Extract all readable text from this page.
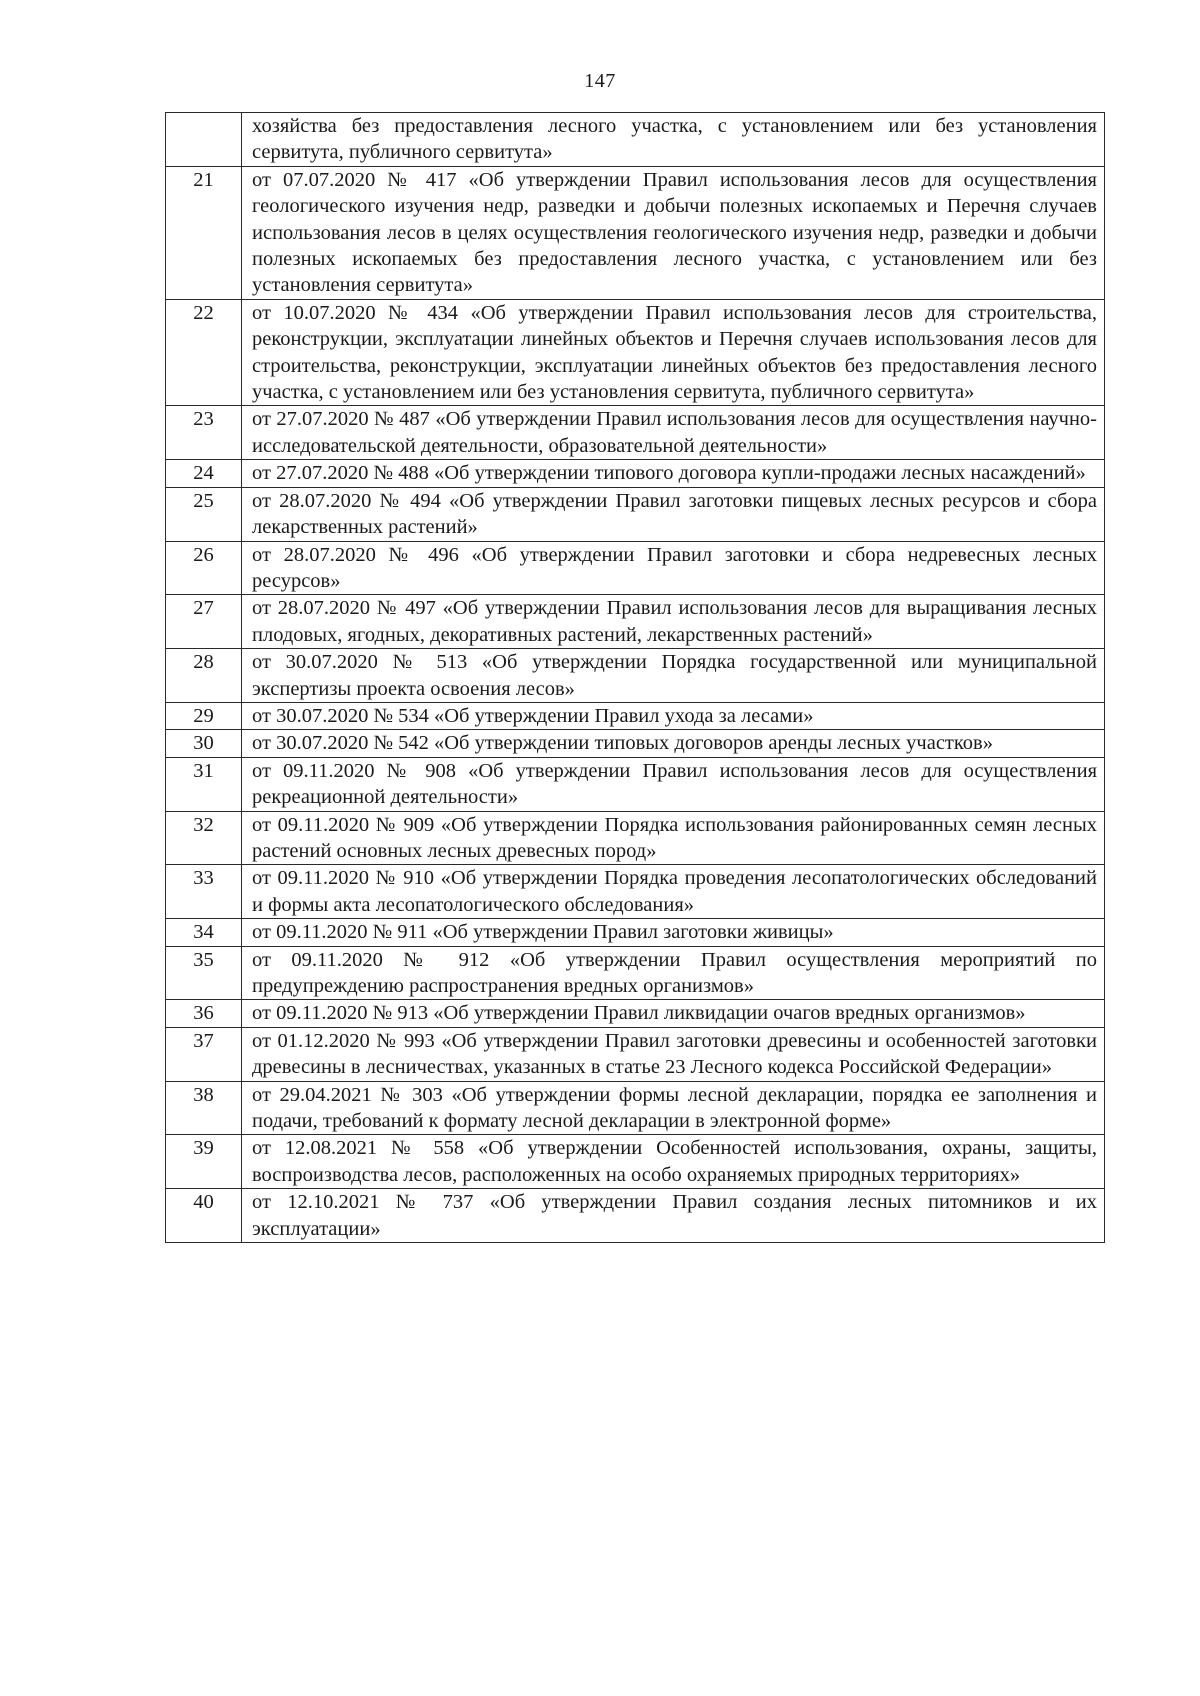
147
	хозяйства без предоставления лесного участка, с установлением или без установления сервитута, публичного сервитута»
21	от 07.07.2020 № 417 «Об утверждении Правил использования лесов для осуществления геологического изучения недр, разведки и добычи полезных ископаемых и Перечня случаев использования лесов в целях осуществления геологического изучения недр, разведки и добычи полезных ископаемых без предоставления лесного участка, с установлением или без установления сервитута»
22	от 10.07.2020 № 434 «Об утверждении Правил использования лесов для строительства, реконструкции, эксплуатации линейных объектов и Перечня случаев использования лесов для строительства, реконструкции, эксплуатации линейных объектов без предоставления лесного участка, с установлением или без установления сервитута, публичного сервитута»
23	от 27.07.2020 № 487 «Об утверждении Правил использования лесов для осуществления научно-исследовательской деятельности, образовательной деятельности»
24	от 27.07.2020 № 488 «Об утверждении типового договора купли-продажи лесных насаждений»
25	от 28.07.2020 № 494 «Об утверждении Правил заготовки пищевых лесных ресурсов и сбора лекарственных растений»
26	от 28.07.2020 № 496 «Об утверждении Правил заготовки и сбора недревесных лесных ресурсов»
27	от 28.07.2020 № 497 «Об утверждении Правил использования лесов для выращивания лесных плодовых, ягодных, декоративных растений, лекарственных растений»
28	от 30.07.2020 № 513 «Об утверждении Порядка государственной или муниципальной экспертизы проекта освоения лесов»
29	от 30.07.2020 № 534 «Об утверждении Правил ухода за лесами»
30	от 30.07.2020 № 542 «Об утверждении типовых договоров аренды лесных участков»
31	от 09.11.2020 № 908 «Об утверждении Правил использования лесов для осуществления рекреационной деятельности»
32	от 09.11.2020 № 909 «Об утверждении Порядка использования районированных семян лесных растений основных лесных древесных пород»
33	от 09.11.2020 № 910 «Об утверждении Порядка проведения лесопатологических обследований и формы акта лесопатологического обследования»
34	от 09.11.2020 № 911 «Об утверждении Правил заготовки живицы»
35	от 09.11.2020 № 912 «Об утверждении Правил осуществления мероприятий по предупреждению распространения вредных организмов»
36	от 09.11.2020 № 913 «Об утверждении Правил ликвидации очагов вредных организмов»
37	от 01.12.2020 № 993 «Об утверждении Правил заготовки древесины и особенностей заготовки древесины в лесничествах, указанных в статье 23 Лесного кодекса Российской Федерации»
38	от 29.04.2021 № 303 «Об утверждении формы лесной декларации, порядка ее заполнения и подачи, требований к формату лесной декларации в электронной форме»
39	от 12.08.2021 № 558 «Об утверждении Особенностей использования, охраны, защиты, воспроизводства лесов, расположенных на особо охраняемых природных территориях»
40	от 12.10.2021 № 737 «Об утверждении Правил создания лесных питомников и их эксплуатации»
